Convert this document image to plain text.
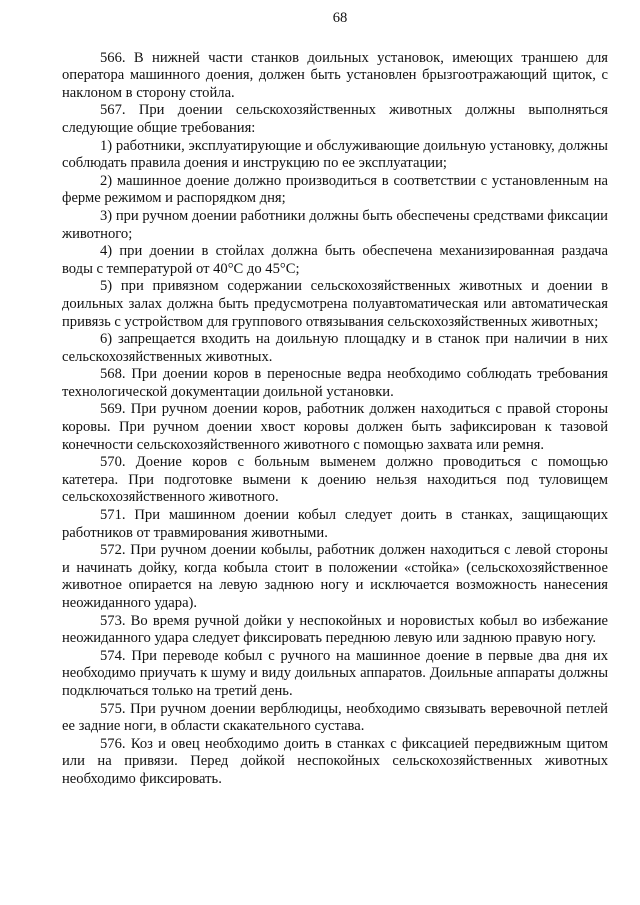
68

566. В нижней части станков доильных установок, имеющих траншею для оператора машинного доения, должен быть установлен брызгоотражающий щиток, с наклоном в сторону стойла.

567. При доении сельскохозяйственных животных должны выполняться следующие общие требования:

1) работники, эксплуатирующие и обслуживающие доильную установку, должны соблюдать правила доения и инструкцию по ее эксплуатации;

2) машинное доение должно производиться в соответствии с установленным на ферме режимом и распорядком дня;

3) при ручном доении работники должны быть обеспечены средствами фиксации животного;

4) при доении в стойлах должна быть обеспечена механизированная раздача воды с температурой от 40°С до 45°С;

5) при привязном содержании сельскохозяйственных животных и доении в доильных залах должна быть предусмотрена полуавтоматическая или автоматическая привязь с устройством для группового отвязывания сельскохозяйственных животных;

6) запрещается входить на доильную площадку и в станок при наличии в них сельскохозяйственных животных.

568. При доении коров в переносные ведра необходимо соблюдать требования технологической документации доильной установки.

569. При ручном доении коров, работник должен находиться с правой стороны коровы. При ручном доении хвост коровы должен быть зафиксирован к тазовой конечности сельскохозяйственного животного с помощью захвата или ремня.

570. Доение коров с больным выменем должно проводиться с помощью катетера. При подготовке вымени к доению нельзя находиться под туловищем сельскохозяйственного животного.

571. При машинном доении кобыл следует доить в станках, защищающих работников от травмирования животными.

572. При ручном доении кобылы, работник должен находиться с левой стороны и начинать дойку, когда кобыла стоит в положении «стойка» (сельскохозяйственное животное опирается на левую заднюю ногу и исключается возможность нанесения неожиданного удара).

573. Во время ручной дойки у неспокойных и норовистых кобыл во избежание неожиданного удара следует фиксировать переднюю левую или заднюю правую ногу.

574. При переводе кобыл с ручного на машинное доение в первые два дня их необходимо приучать к шуму и виду доильных аппаратов. Доильные аппараты должны подключаться только на третий день.

575. При ручном доении верблюдицы, необходимо связывать веревочной петлей ее задние ноги, в области скакательного сустава.

576. Коз и овец необходимо доить в станках с фиксацией передвижным щитом или на привязи. Перед дойкой неспокойных сельскохозяйственных животных необходимо фиксировать.
